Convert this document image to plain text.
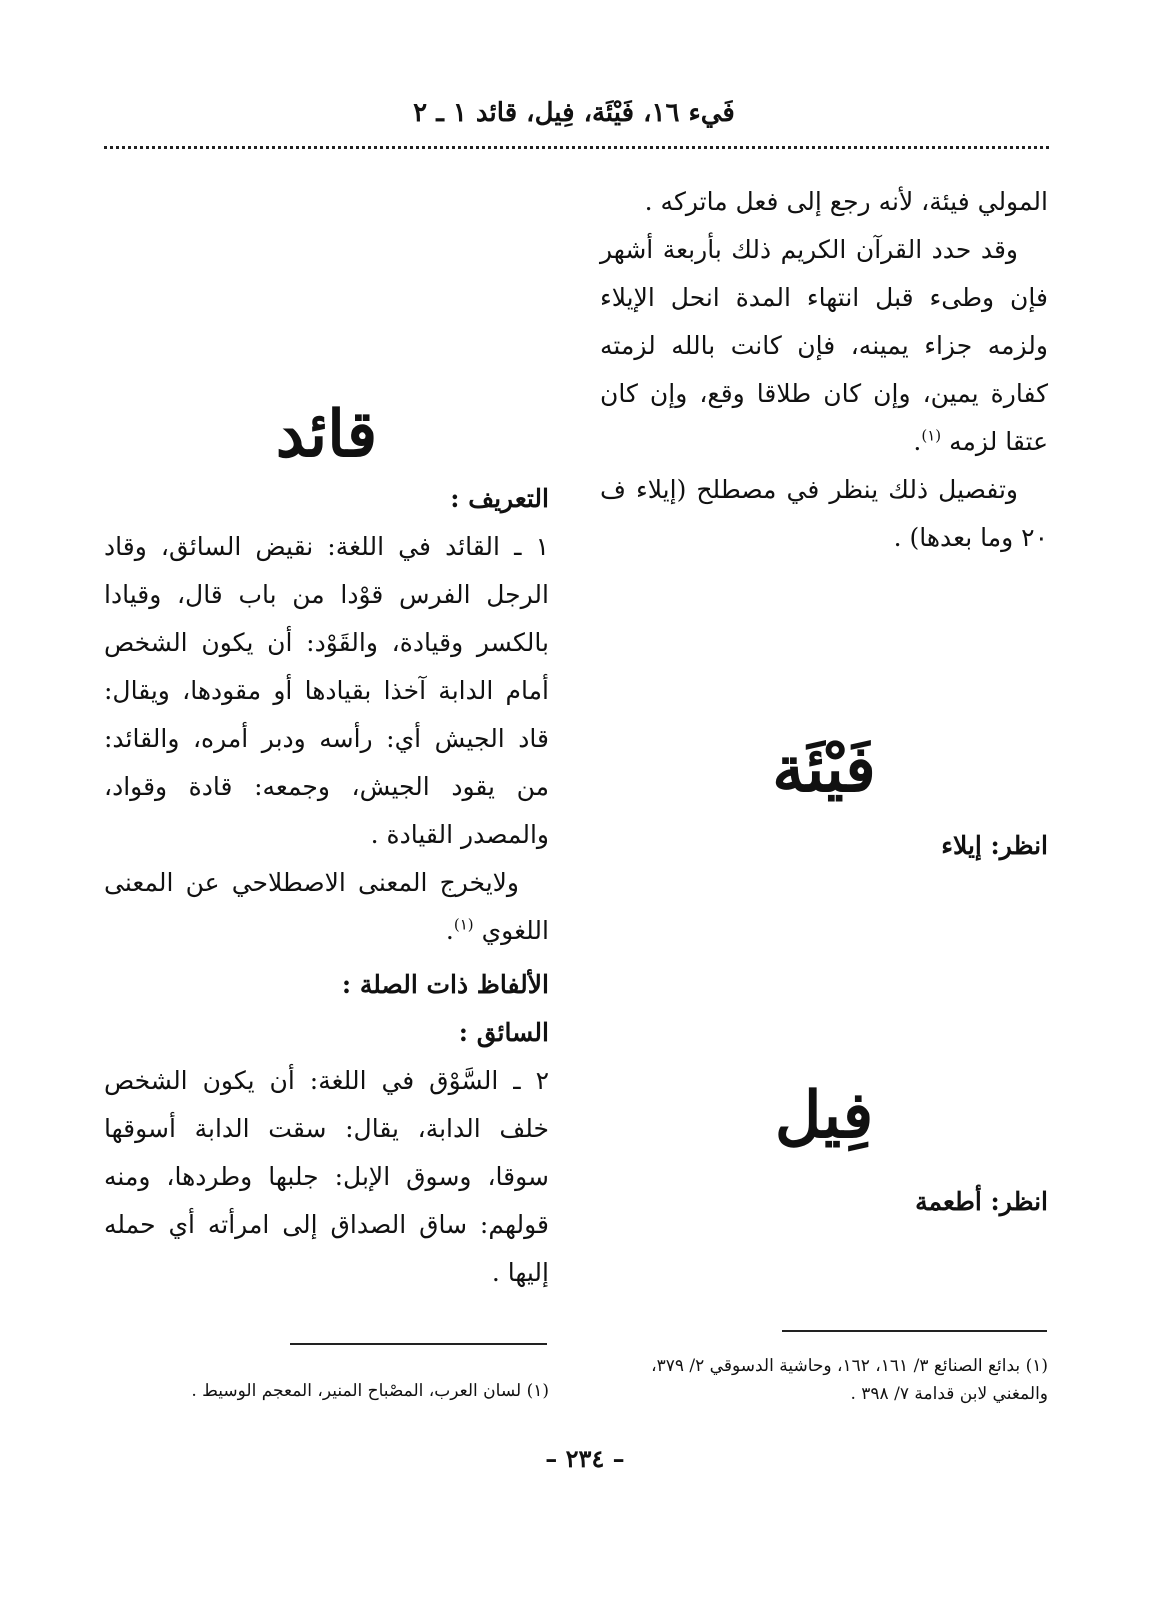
فَيء ١٦، فَيْئَة، فِيل، قائد ١ ـ ٢

المولي فيئة، لأنه رجع إلى فعل ماتركه .

وقد حدد القرآن الكريم ذلك بأربعة أشهر فإن وطىء قبل انتهاء المدة انحل الإيلاء ولزمه جزاء يمينه، فإن كانت بالله لزمته كفارة يمين، وإن كان طلاقا وقع، وإن كان عتقا لزمه $^{(١)}$.

وتفصيل ذلك ينظر في مصطلح (إيلاء ف ٢٠ وما بعدها) .

فَيْئَة
انظر: إيلاء
فِيل
انظر: أطعمة
قائد
التعريف :

١ ـ القائد في اللغة: نقيض السائق، وقاد الرجل الفرس قوْدا من باب قال، وقيادا بالكسر وقيادة، والقَوْد: أن يكون الشخص أمام الدابة آخذا بقيادها أو مقودها، ويقال: قاد الجيش أي: رأسه ودبر أمره، والقائد: من يقود الجيش، وجمعه: قادة وقواد، والمصدر القيادة .

ولايخرج المعنى الاصطلاحي عن المعنى اللغوي $^{(١)}$.

الألفاظ ذات الصلة :
السائق :

٢ ـ السَّوْق في اللغة: أن يكون الشخص خلف الدابة، يقال: سقت الدابة أسوقها سوقا، وسوق الإبل: جلبها وطردها، ومنه قولهم: ساق الصداق إلى امرأته أي حمله إليها .

(١) بدائع الصنائع ٣/ ١٦١، ١٦٢، وحاشية الدسوقي ٢/ ٣٧٩، والمغني لابن قدامة ٧/ ٣٩٨ .
(١) لسان العرب، المصْباح المنير، المعجم الوسيط .
– ٢٣٤ –
